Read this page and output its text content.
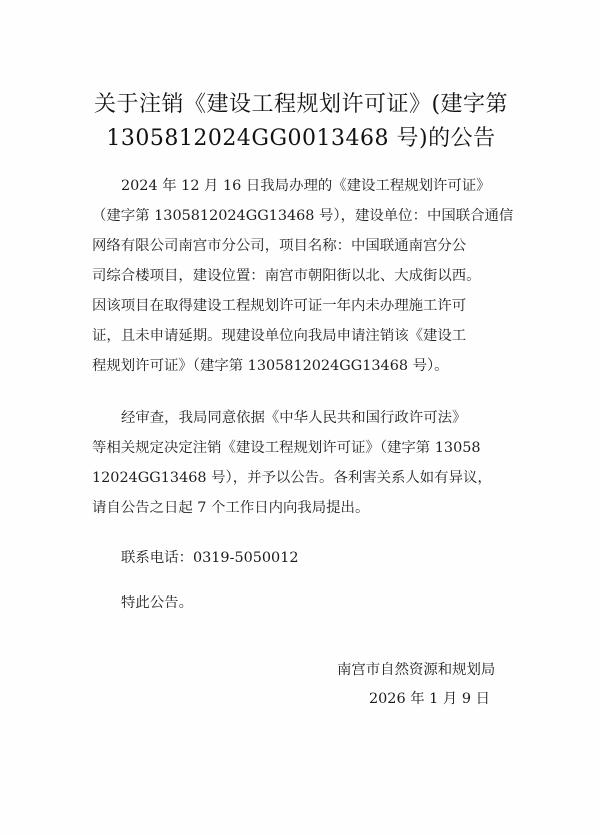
关于注销《建设工程规划许可证》(建字第
1305812024GG0013468 号)的公告

2024 年 12 月 16 日我局办理的《建设工程规划许可证》
（建字第 1305812024GG13468 号），建设单位：中国联合通信
网络有限公司南宫市分公司，项目名称：中国联通南宫分公
司综合楼项目，建设位置：南宫市朝阳街以北、大成街以西。
因该项目在取得建设工程规划许可证一年内未办理施工许可
证，且未申请延期。现建设单位向我局申请注销该《建设工
程规划许可证》（建字第 1305812024GG13468 号）。

经审查，我局同意依据《中华人民共和国行政许可法》
等相关规定决定注销《建设工程规划许可证》（建字第 13058
12024GG13468 号），并予以公告。各利害关系人如有异议，
请自公告之日起 7 个工作日内向我局提出。

联系电话：0319-5050012
特此公告。
南宫市自然资源和规划局
2026 年 1 月 9 日
